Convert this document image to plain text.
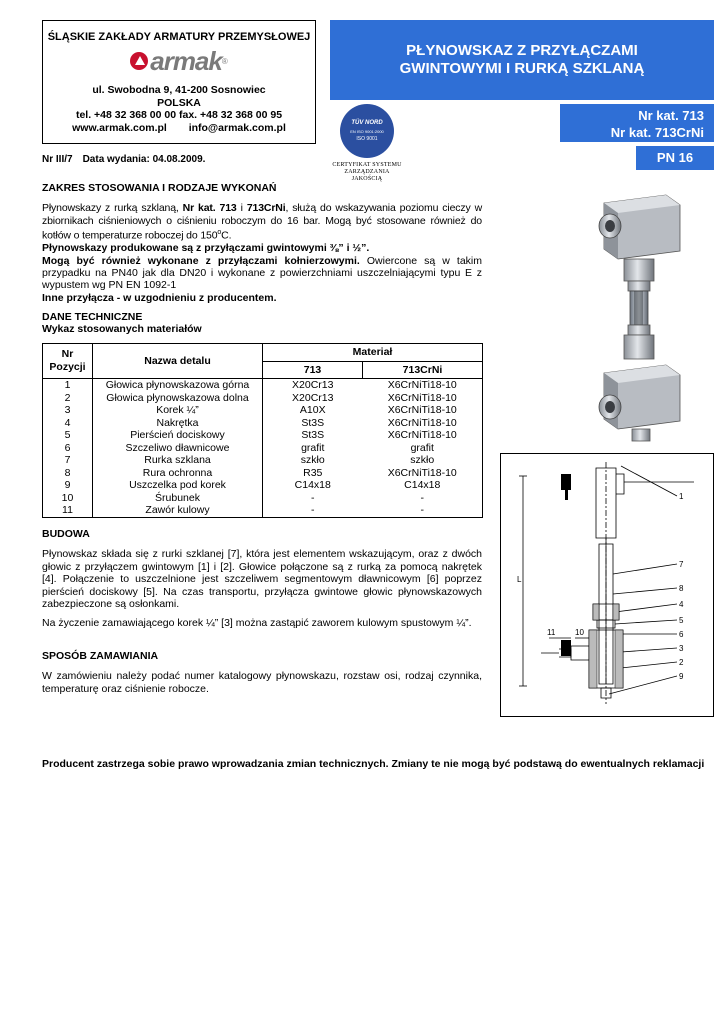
ŚLĄSKIE ZAKŁADY ARMATURY PRZEMYSŁOWEJ
armak ®
ul. Swobodna 9, 41-200 Sosnowiec
POLSKA
tel. +48 32 368 00 00 fax. +48 32 368 00 95
www.armak.com.pl info@armak.com.pl
PŁYNOWSKAZ Z PRZYŁĄCZAMI GWINTOWYMI I RURKĄ SZKLANĄ
TÜV NORD
EN ISO 9001:2000
ISO 9001
CERTYFIKAT SYSTEMU
ZARZĄDZANIA JAKOŚCIĄ
Nr kat. 713
Nr kat. 713CrNi
PN 16
Nr III/7 Data wydania: 04.08.2009.
ZAKRES STOSOWANIA I RODZAJE WYKONAŃ
Płynowskazy z rurką szklaną, Nr kat. 713 i 713CrNi, służą do wskazywania poziomu cieczy w zbiornikach ciśnieniowych o ciśnieniu roboczym do 16 bar. Mogą być stosowane również do kotłów o temperaturze roboczej do 150$^o$C.
Płynowskazy produkowane są z przyłączami gwintowymi ⅜” i ½”.
Mogą być również wykonane z przyłączami kołnierzowymi. Owiercone są w takim przypadku na PN40 jak dla DN20 i wykonane z powierzchniami uszczelniającymi typu E z wypustem wg PN EN 1092-1
Inne przyłącza - w uzgodnieniu z producentem.
DANE TECHNICZNE
Wykaz stosowanych materiałów
Nr Pozycji	Nazwa detalu	Materiał	
		713	713CrNi
1	Głowica płynowskazowa górna	X20Cr13	X6CrNiTi18-10
2	Głowica płynowskazowa dolna	X20Cr13	X6CrNiTi18-10
3	Korek ¼”	A10X	X6CrNiTi18-10
4	Nakrętka	St3S	X6CrNiTi18-10
5	Pierścień dociskowy	St3S	X6CrNiTi18-10
6	Szczeliwo dławnicowe	grafit	grafit
7	Rurka szklana	szkło	szkło
8	Rura ochronna	R35	X6CrNiTi18-10
9	Uszczelka pod korek	C14x18	C14x18
10	Śrubunek	-	-
11	Zawór kulowy	-	-
BUDOWA
Płynowskaz składa się z rurki szklanej [7], która jest elementem wskazującym, oraz z dwóch głowic z przyłączem gwintowym [1] i [2]. Głowice połączone są z rurką za pomocą nakrętek [4]. Połączenie to uszczelnione jest szczeliwem segmentowym dławnicowym [6] poprzez pierścień dociskowy [5]. Na czas transportu, przyłącza gwintowe głowic płynowskazowych zabezpieczone są osłonkami.
Na życzenie zamawiającego korek ¼” [3] można zastąpić zaworem kulowym spustowym ¼”.
SPOSÓB ZAMAWIANIA
W zamówieniu należy podać numer katalogowy płynowskazu, rozstaw osi, rodzaj czynnika, temperaturę oraz ciśnienie robocze.
1
7
8
4
5
6
3
2
9
11 10
L
Producent zastrzega sobie prawo wprowadzania zmian technicznych. Zmiany te nie mogą być podstawą do ewentualnych reklamacji
